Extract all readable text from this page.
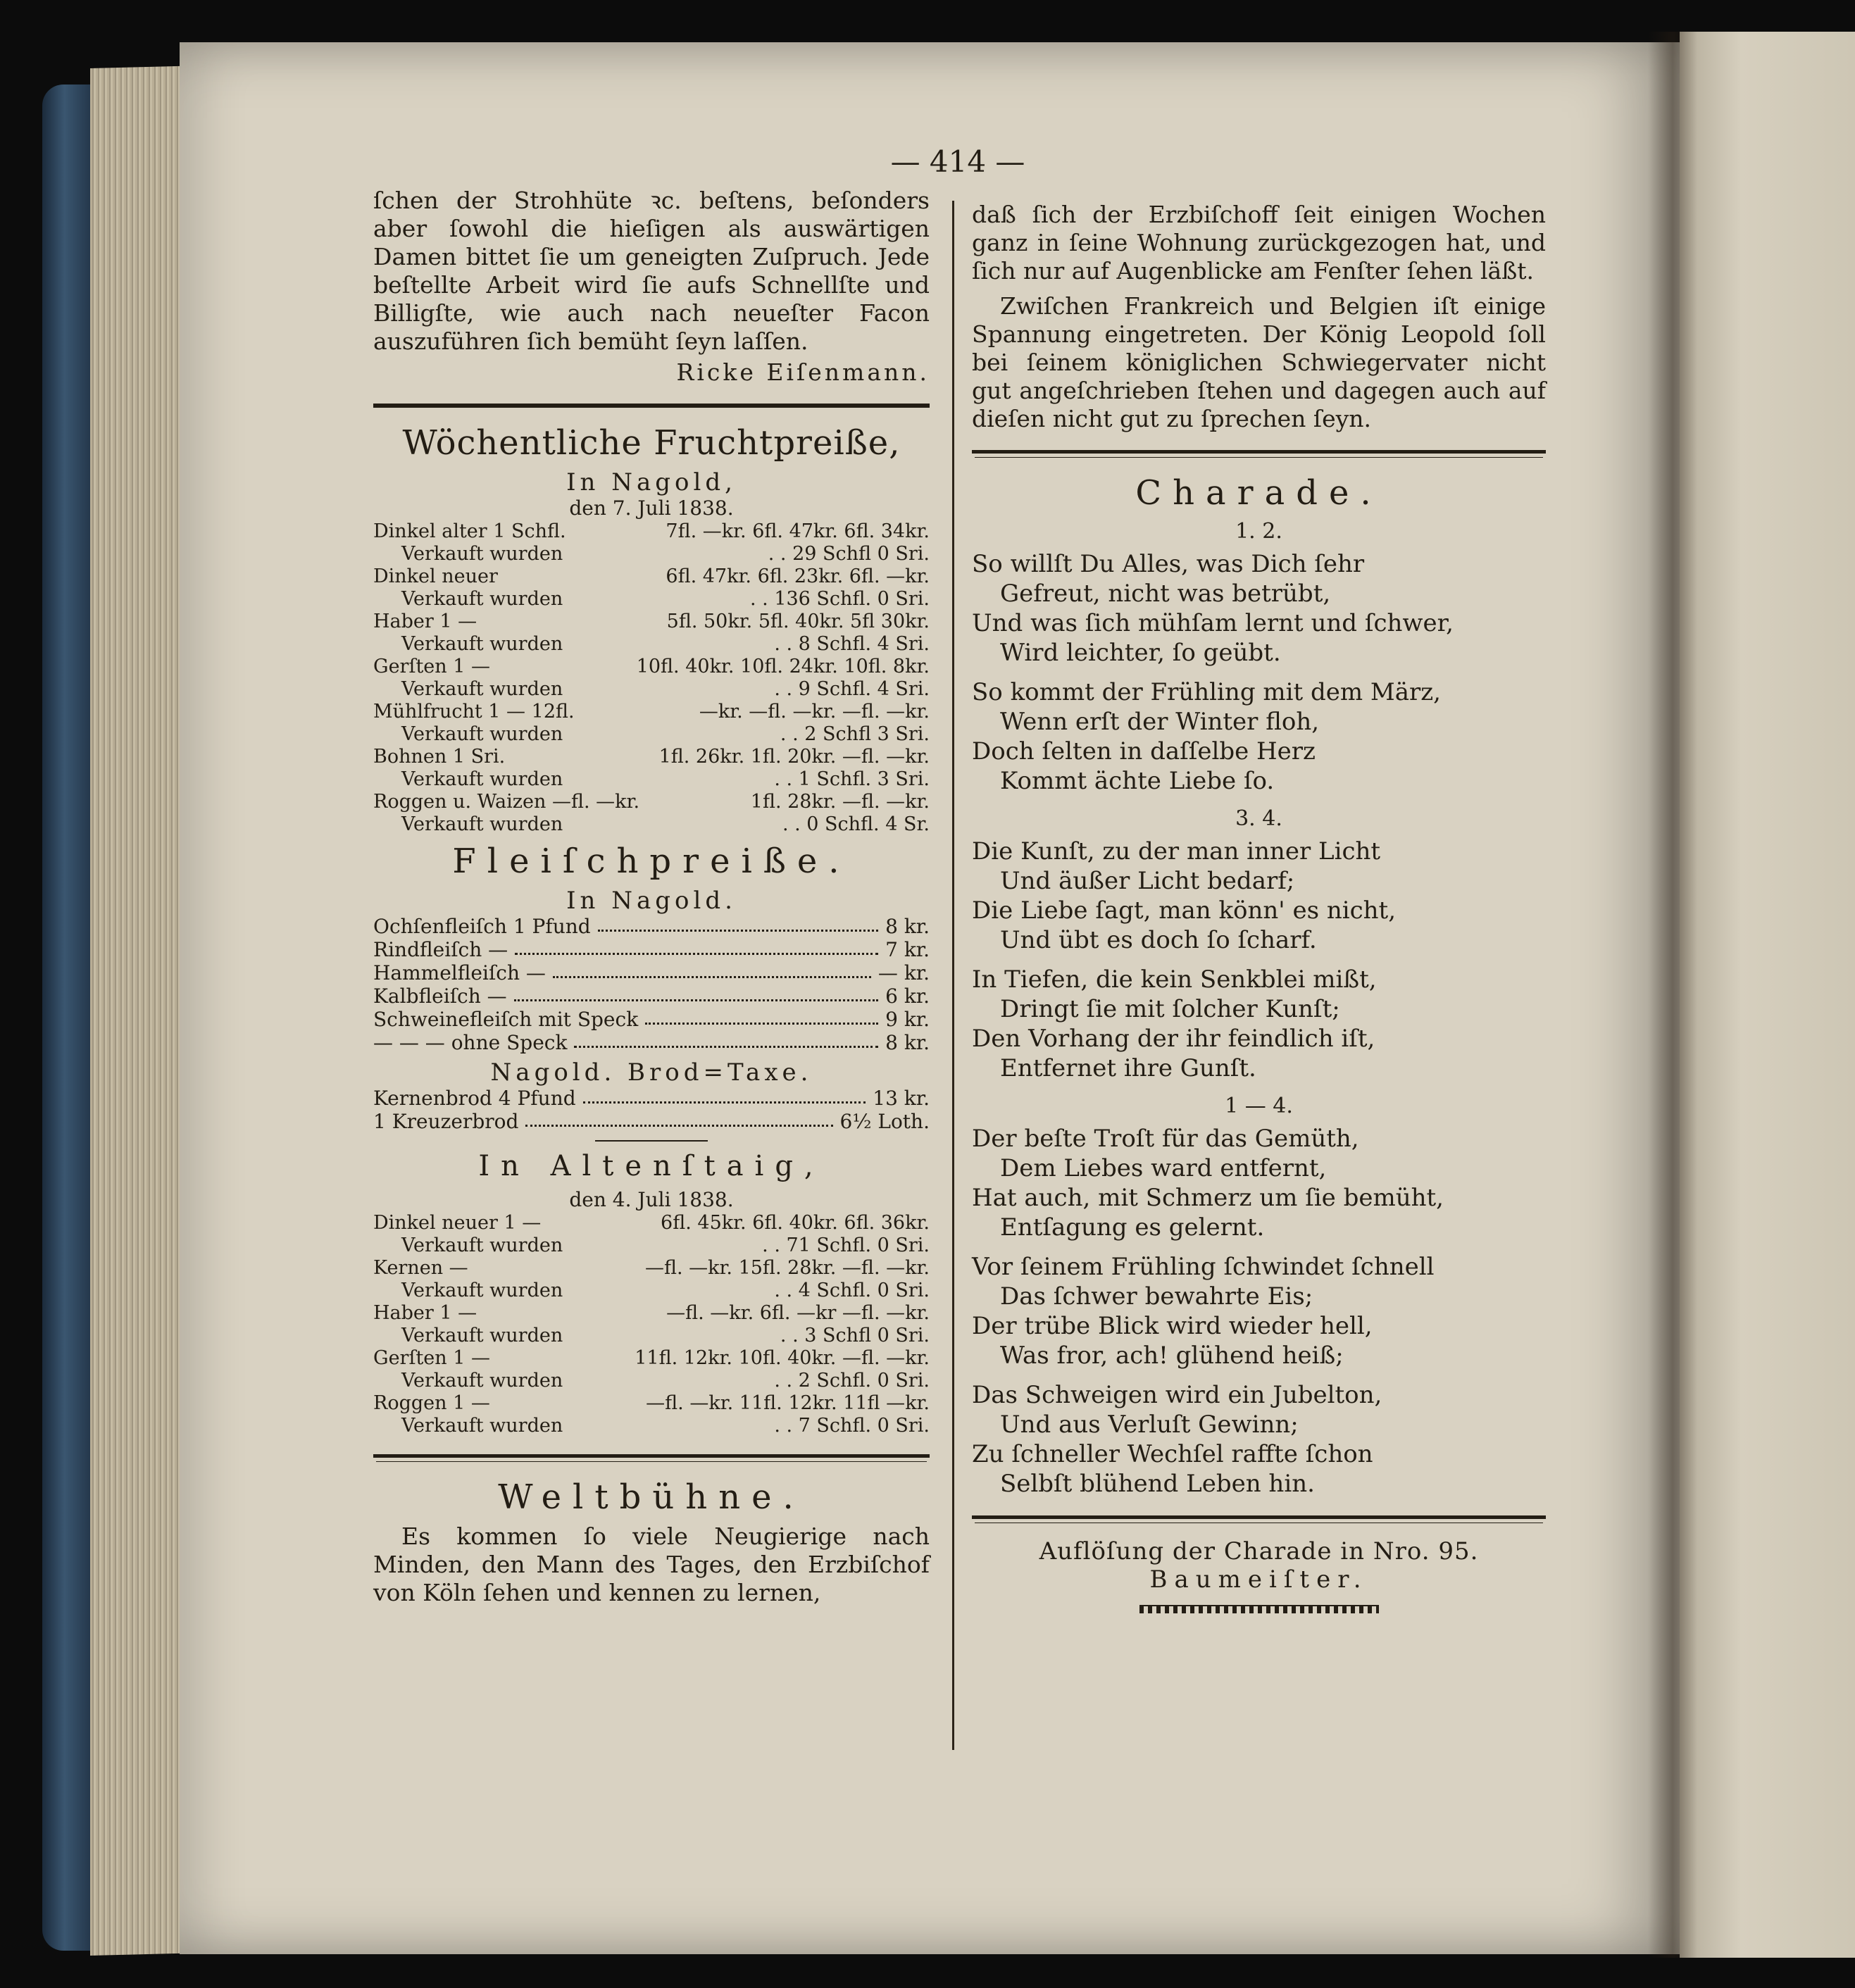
— 414 —

ſchen der Strohhüte ꝛc. beſtens, beſonders aber ſowohl die hieſigen als auswärtigen Damen bittet ſie um geneigten Zuſpruch. Jede beſtellte Arbeit wird ſie aufs Schnellſte und Billigſte, wie auch nach neueſter Facon auszuführen ſich bemüht ſeyn laſſen.

Ricke Eiſenmann.

Wöchentliche Fruchtpreiße,
In Nagold,
den 7. Juli 1838.
Dinkel alter 1 Schfl.	7fl. —kr. 6fl. 47kr. 6fl. 34kr.
Verkauft wurden	. . 29 Schfl 0 Sri.
Dinkel neuer	6fl. 47kr. 6fl. 23kr. 6fl. —kr.
Verkauft wurden	. . 136 Schfl. 0 Sri.
Haber 1 —	5fl. 50kr. 5fl. 40kr. 5fl 30kr.
Verkauft wurden	. . 8 Schfl. 4 Sri.
Gerſten 1 —	10fl. 40kr. 10fl. 24kr. 10fl. 8kr.
Verkauft wurden	. . 9 Schfl. 4 Sri.
Mühlfrucht 1 — 12fl.	—kr. —fl. —kr. —fl. —kr.
Verkauft wurden	. . 2 Schfl 3 Sri.
Bohnen 1 Sri.	1fl. 26kr. 1fl. 20kr. —fl. —kr.
Verkauft wurden	. . 1 Schfl. 3 Sri.
Roggen u. Waizen —fl. —kr.	1fl. 28kr. —fl. —kr.
Verkauft wurden	. . 0 Schfl. 4 Sr.
Fleiſchpreiße.
In Nagold.
Ochſenfleiſch 1 Pfund	8 kr.
Rindfleiſch —	7 kr.
Hammelfleiſch —	— kr.
Kalbfleiſch —	6 kr.
Schweinefleiſch mit Speck	9 kr.
— — — ohne Speck	8 kr.
Nagold. Brod=Taxe.
Kernenbrod 4 Pfund	13 kr.
1 Kreuzerbrod	6½ Loth.
In Altenſtaig,
den 4. Juli 1838.
Dinkel neuer 1 —	6fl. 45kr. 6fl. 40kr. 6fl. 36kr.
Verkauft wurden	. . 71 Schfl. 0 Sri.
Kernen —	—fl. —kr. 15fl. 28kr. —fl. —kr.
Verkauft wurden	. . 4 Schfl. 0 Sri.
Haber 1 —	—fl. —kr. 6fl. —kr —fl. —kr.
Verkauft wurden	. . 3 Schfl 0 Sri.
Gerſten 1 —	11fl. 12kr. 10fl. 40kr. —fl. —kr.
Verkauft wurden	. . 2 Schfl. 0 Sri.
Roggen 1 —	—fl. —kr. 11fl. 12kr. 11fl —kr.
Verkauft wurden	. . 7 Schfl. 0 Sri.
Weltbühne.

Es kommen ſo viele Neugierige nach Minden, den Mann des Tages, den Erzbiſchof von Köln ſehen und kennen zu lernen,

daß ſich der Erzbiſchoff ſeit einigen Wochen ganz in ſeine Wohnung zurückgezogen hat, und ſich nur auf Augenblicke am Fenſter ſehen läßt.

Zwiſchen Frankreich und Belgien iſt einige Spannung eingetreten. Der König Leopold ſoll bei ſeinem königlichen Schwiegervater nicht gut angeſchrieben ſtehen und dagegen auch auf dieſen nicht gut zu ſprechen ſeyn.

Charade.
1. 2.

So willſt Du Alles, was Dich ſehr

Gefreut, nicht was betrübt,

Und was ſich mühſam lernt und ſchwer,

Wird leichter, ſo geübt.

So kommt der Frühling mit dem März,

Wenn erſt der Winter floh,

Doch ſelten in daſſelbe Herz

Kommt ächte Liebe ſo.

3. 4.

Die Kunſt, zu der man inner Licht

Und äußer Licht bedarf;

Die Liebe ſagt, man könn' es nicht,

Und übt es doch ſo ſcharf.

In Tiefen, die kein Senkblei mißt,

Dringt ſie mit ſolcher Kunſt;

Den Vorhang der ihr feindlich iſt,

Entfernet ihre Gunſt.

1 — 4.

Der beſte Troſt für das Gemüth,

Dem Liebes ward entfernt,

Hat auch, mit Schmerz um ſie bemüht,

Entſagung es gelernt.

Vor ſeinem Frühling ſchwindet ſchnell

Das ſchwer bewahrte Eis;

Der trübe Blick wird wieder hell,

Was fror, ach! glühend heiß;

Das Schweigen wird ein Jubelton,

Und aus Verluſt Gewinn;

Zu ſchneller Wechſel raffte ſchon

Selbſt blühend Leben hin.

Auflöſung der Charade in Nro. 95.
Baumeiſter.
